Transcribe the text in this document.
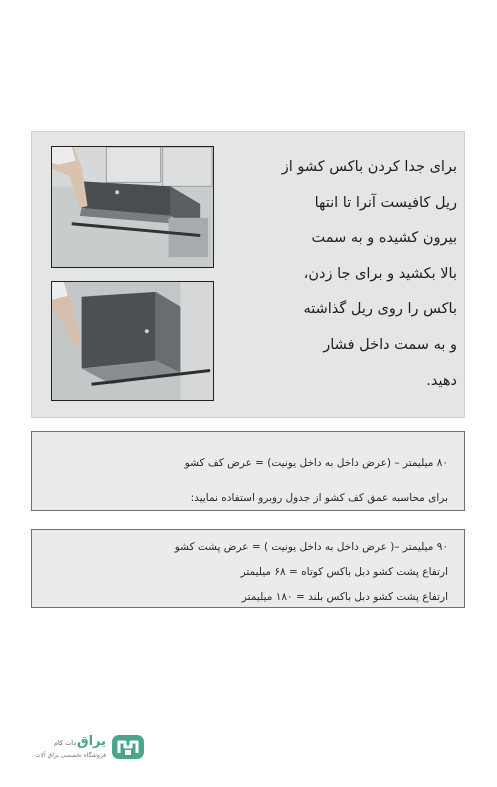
برای جدا کردن باکس کشو از
ریل کافیست آنرا تا انتها
بیرون کشیده و به سمت
بالا بکشید و برای جا زدن،
باکس را روی ریل گذاشته
و به سمت داخل فشار
دهید.
۸۰ میلیمتر – (عرض داخل به داخل یونیت) = عرض کف کشو
برای محاسبه عمق کف کشو از جدول روبرو استفاده نمایید:
۹۰ میلیمتر –( عرض داخل به داخل یونیت ) = عرض پشت کشو
ارتفاع پشت کشو دبل باکس کوتاه = ۶۸ میلیمتر
ارتفاع پشت کشو دبل باکس بلند = ۱۸۰ میلیمتر
یراق
دات کام
فروشگاه تخصصی یراق آلات
